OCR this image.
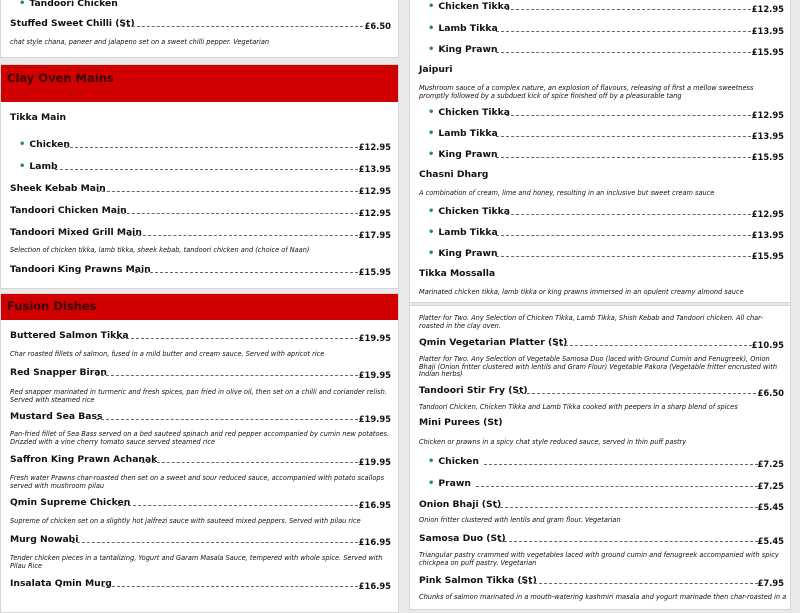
• Tandoori Chicken
Stuffed Sweet Chilli (St)	£6.50
chat style chana, paneer and jalapeno set on a sweet chilli pepper. Vegetarian
Clay Oven Mains
Tikka Main
• Chicken	£12.95
• Lamb	£13.95
Sheek Kebab Main	£12.95
Tandoori Chicken Main	£12.95
Tandoori Mixed Grill Main	£17.95
Selection of chicken tikka, lamb tikka, sheek kebab, tandoori chicken and (choice of Naan)
Tandoori King Prawns Main	£15.95
Fusion Dishes
Buttered Salmon Tikka	£19.95
Char roasted fillets of salmon, fused in a mild butter and cream sauce. Served with apricot rice
Red Snapper Biran	£19.95
Red snapper marinated in turmeric and fresh spices, pan fried in olive oil, then set on a chilli and coriander relish. Served with steamed rice
Mustard Sea Bass	£19.95
Pan-fried fillet of Sea Bass served on a bed sauteed spinach and red pepper accompanied by cumin new potatoes. Drizzled with a vine cherry tomato sauce served steamed rice
Saffron King Prawn Achanak	£19.95
Fresh water Prawns char-roasted then set on a sweet and sour reduced sauce, accompanied with potato scallops served with mushroom pilau
Qmin Supreme Chicken	£16.95
Supreme of chicken set on a slightly hot jalfrezi sauce with sauteed mixed peppers. Served with pilau rice
Murg Nowabi	£16.95
Tender chicken pieces in a tantalizing, Yogurt and Garam Masala Sauce, tempered with whole spice. Served with Pilau Rice
Insalata Qmin Murg	£16.95
• Chicken Tikka	£12.95
• Lamb Tikka	£13.95
• King Prawn	£15.95
Jaipuri
Mushroom sauce of a complex nature, an explosion of flavours, releasing of first a mellow sweetness promptly followed by a subdued kick of spice finished off by a pleasurable tang
• Chicken Tikka	£12.95
• Lamb Tikka	£13.95
• King Prawn	£15.95
Chasni Dharg
A combination of cream, lime and honey, resulting in an inclusive but sweet cream sauce
• Chicken Tikka	£12.95
• Lamb Tikka	£13.95
• King Prawn	£15.95
Tikka Mossalla
Marinated chicken tikka, lamb tikka or king prawns immersed in an opulent creamy almond sauce
Platter for Two. Any Selection of Chicken Tikka, Lamb Tikka, Shish Kebab and Tandoori chicken. All char-roasted in the clay oven.
Qmin Vegetarian Platter (St)	£10.95
Platter for Two. Any Selection of Vegetable Samosa Duo (laced with Ground Cumin and Fenugreek), Onion Bhaji (Onion fritter clustered with lentils and Gram Flour) Vegetable Pakora (Vegetable fritter encrusted with Indian herbs)
Tandoori Stir Fry (St)	£6.50
Tandoori Chicken, Chicken Tikka and Lamb Tikka cooked with peepers in a sharp blend of spices
Mini Purees (St)
Chicken or prawns in a spicy chat style reduced sauce, served in thin puff pastry
• Chicken	£7.25
• Prawn	£7.25
Onion Bhaji (St)	£5.45
Onion fritter clustered with lentils and gram flour. Vegetarian
Samosa Duo (St)	£5.45
Triangular pastry crammed with vegetables laced with ground cumin and fenugreek accompanied with spicy chickpea on puff pastry. Vegetarian
Pink Salmon Tikka (St)	£7.95
Chunks of salmon marinated in a mouth-watering kashmiri masala and yogurt marinade then char-roasted in a
